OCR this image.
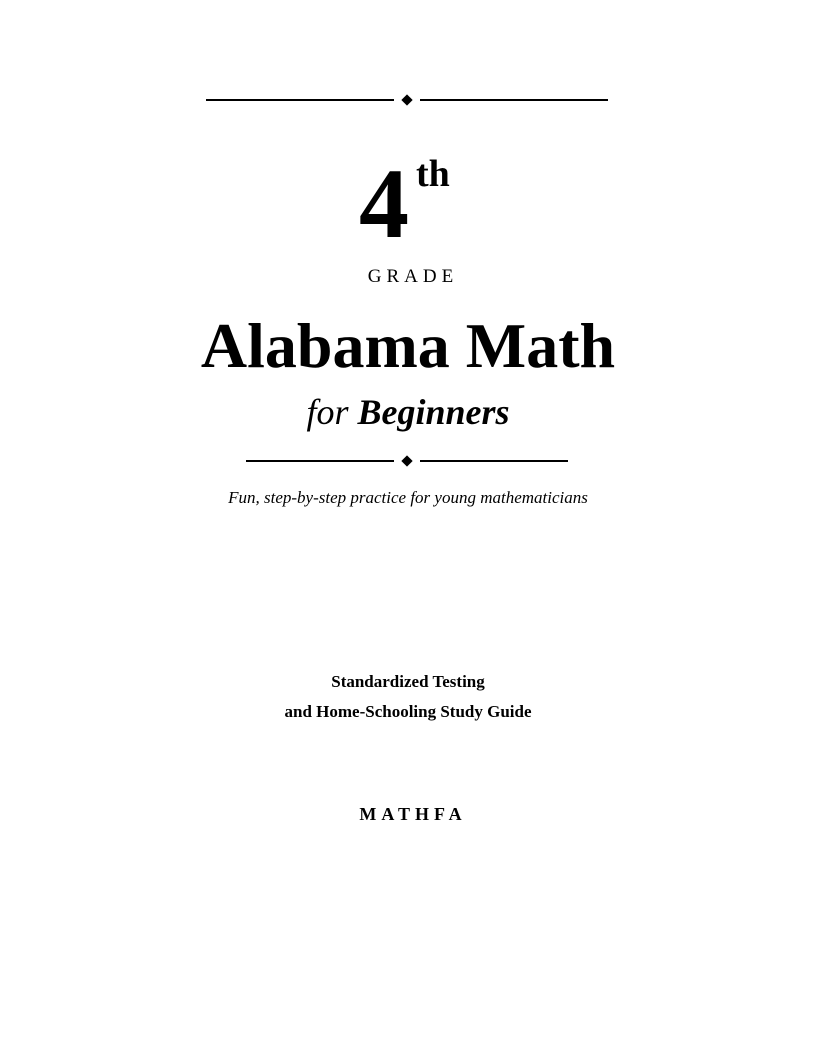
4 th
GRADE
Alabama Math
for Beginners
Fun, step-by-step practice for young mathematicians
Standardized Testing
and Home-Schooling Study Guide
MATHFA
